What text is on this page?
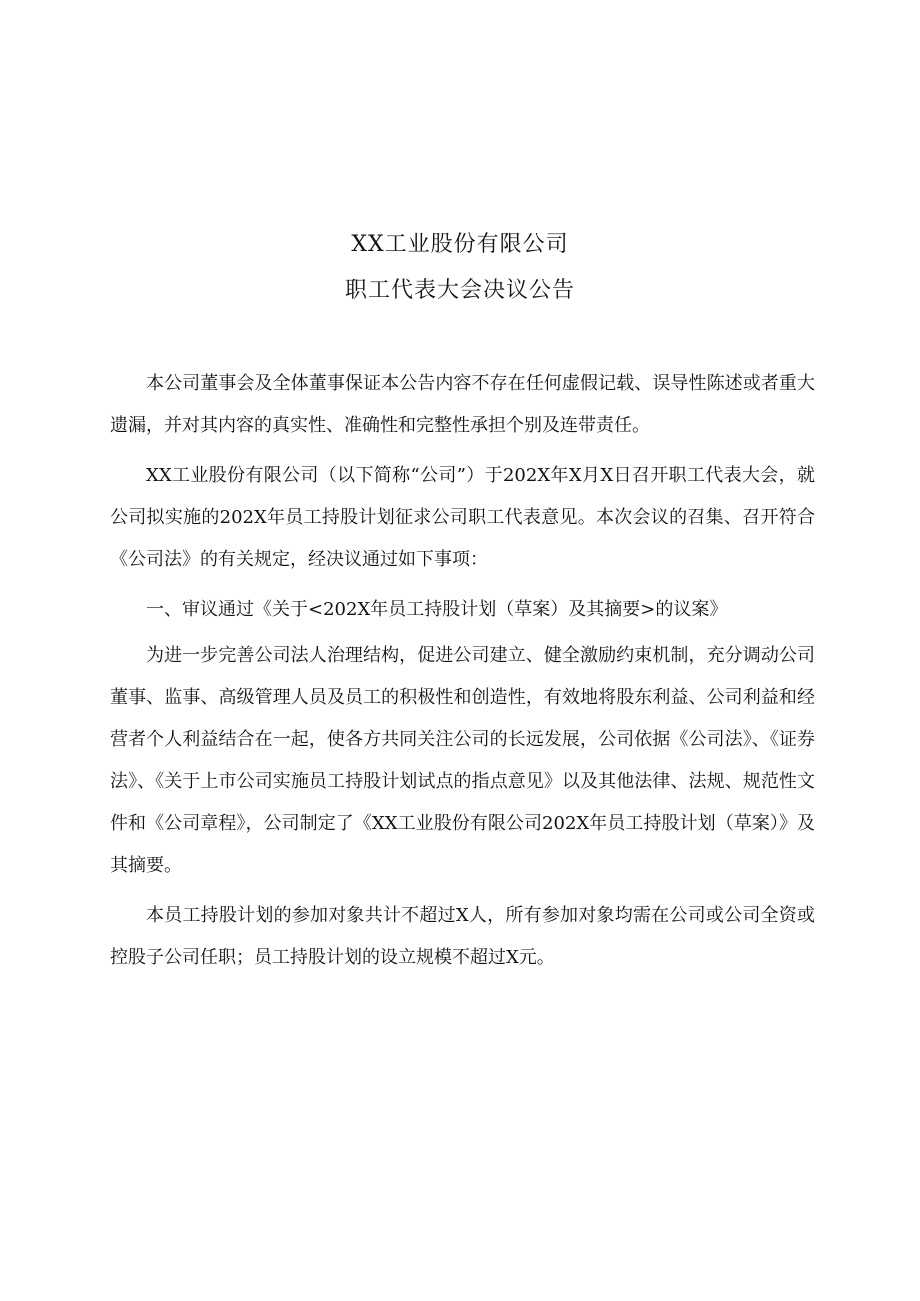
XX工业股份有限公司
职工代表大会决议公告

本公司董事会及全体董事保证本公告内容不存在任何虚假记载、误导性陈述或者重大遗漏，并对其内容的真实性、准确性和完整性承担个别及连带责任。

XX工业股份有限公司（以下简称“公司”）于202X年X月X日召开职工代表大会，就公司拟实施的202X年员工持股计划征求公司职工代表意见。本次会议的召集、召开符合《公司法》的有关规定，经决议通过如下事项：

一、审议通过《关于<202X年员工持股计划（草案）及其摘要>的议案》

为进一步完善公司法人治理结构，促进公司建立、健全激励约束机制，充分调动公司董事、监事、高级管理人员及员工的积极性和创造性，有效地将股东利益、公司利益和经营者个人利益结合在一起，使各方共同关注公司的长远发展，公司依据《公司法》、《证券法》、《关于上市公司实施员工持股计划试点的指点意见》以及其他法律、法规、规范性文件和《公司章程》，公司制定了《XX工业股份有限公司202X年员工持股计划（草案）》及其摘要。

本员工持股计划的参加对象共计不超过X人，所有参加对象均需在公司或公司全资或控股子公司任职；员工持股计划的设立规模不超过X元。
